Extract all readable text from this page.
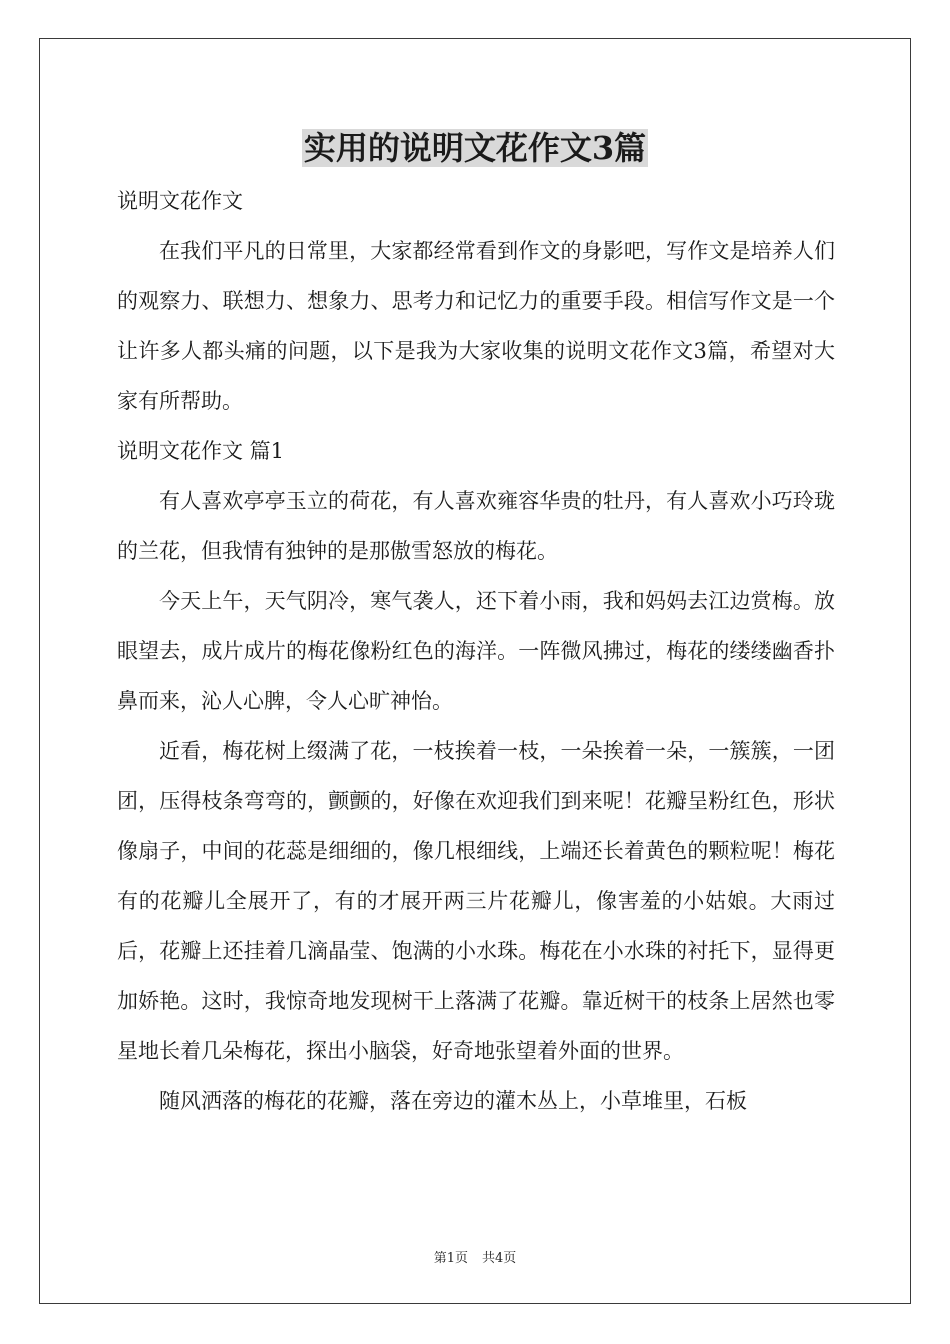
实用的说明文花作文3篇

说明文花作文

在我们平凡的日常里，大家都经常看到作文的身影吧，写作文是培养人们的观察力、联想力、想象力、思考力和记忆力的重要手段。相信写作文是一个让许多人都头痛的问题，以下是我为大家收集的说明文花作文3篇，希望对大家有所帮助。

说明文花作文 篇1

有人喜欢亭亭玉立的荷花，有人喜欢雍容华贵的牡丹，有人喜欢小巧玲珑的兰花，但我情有独钟的是那傲雪怒放的梅花。

今天上午，天气阴冷，寒气袭人，还下着小雨，我和妈妈去江边赏梅。放眼望去，成片成片的梅花像粉红色的海洋。一阵微风拂过，梅花的缕缕幽香扑鼻而来，沁人心脾，令人心旷神怡。

近看，梅花树上缀满了花，一枝挨着一枝，一朵挨着一朵，一簇簇，一团团，压得枝条弯弯的，颤颤的，好像在欢迎我们到来呢！花瓣呈粉红色，形状像扇子，中间的花蕊是细细的，像几根细线，上端还长着黄色的颗粒呢！梅花有的花瓣儿全展开了，有的才展开两三片花瓣儿，像害羞的小姑娘。大雨过后，花瓣上还挂着几滴晶莹、饱满的小水珠。梅花在小水珠的衬托下，显得更加娇艳。这时，我惊奇地发现树干上落满了花瓣。靠近树干的枝条上居然也零星地长着几朵梅花，探出小脑袋，好奇地张望着外面的世界。

随风洒落的梅花的花瓣，落在旁边的灌木丛上，小草堆里，石板

第1页 共4页
